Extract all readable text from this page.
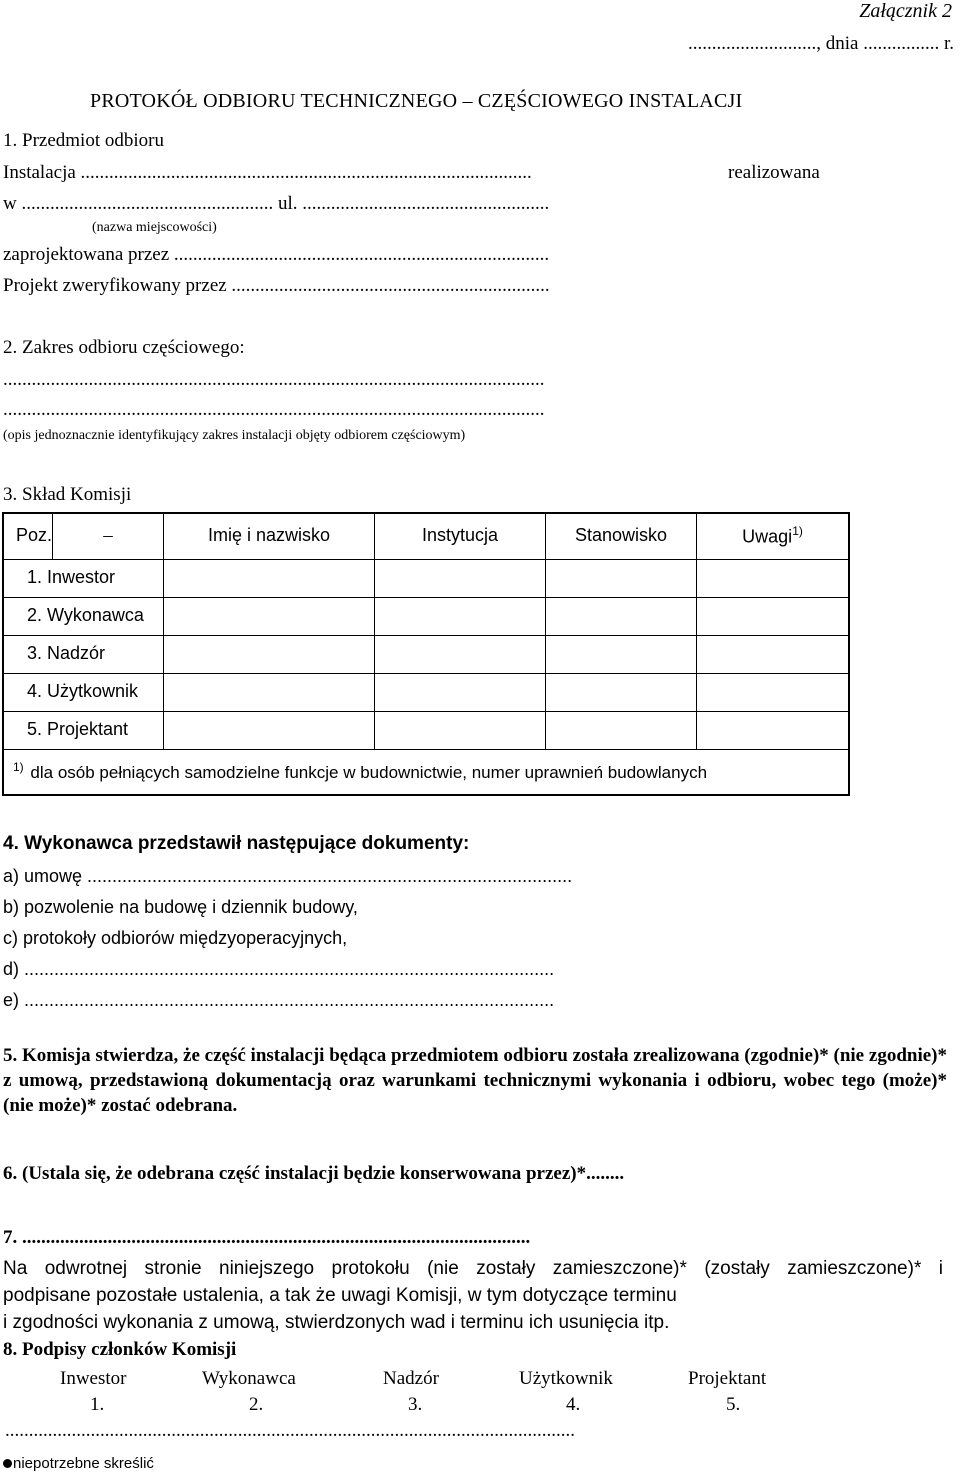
Załącznik 2
..........................., dnia ................ r.
PROTOKÓŁ ODBIORU TECHNICZNEGO – CZĘŚCIOWEGO INSTALACJI
1. Przedmiot odbioru
Instalacja ...............................................................................................	realizowana
w ..................................................... ul. ....................................................
(nazwa miejscowości)
zaprojektowana przez ...............................................................................
Projekt zweryfikowany przez ...................................................................
2. Zakres odbioru częściowego:
..................................................................................................................
..................................................................................................................
(opis jednoznacznie identyfikujący zakres instalacji objęty odbiorem częściowym)
3. Skład Komisji
Poz.	–	Imię i nazwisko	Instytucja	Stanowisko	Uwagi$^{1)}$
1. Inwestor					
2. Wykonawca					
3. Nadzór					
4. Użytkownik					
5. Projektant					
$^{1)}$ dla osób pełniących samodzielne funkcje w budownictwie, numer uprawnień budowlanych					
4. Wykonawca przedstawił następujące dokumenty:
a) umowę .................................................................................................
b) pozwolenie na budowę i dziennik budowy,
c) protokoły odbiorów międzyoperacyjnych,
d) ..........................................................................................................
e) ..........................................................................................................
5. Komisja stwierdza, że część instalacji będąca przedmiotem odbioru została zrealizowana (zgodnie)* (nie zgodnie)* z umową, przedstawioną dokumentacją oraz warunkami technicznymi wykonania i odbioru, wobec tego (może)* (nie może)* zostać odebrana.
6. (Ustala się, że odebrana część instalacji będzie konserwowana przez)*........
7. ...........................................................................................................
Na odwrotnej stronie niniejszego protokołu (nie zostały zamieszczone)* (zostały zamieszczone)* i
podpisane pozostałe ustalenia, a tak że uwagi Komisji, w tym dotyczące terminu
i zgodności wykonania z umową, stwierdzonych wad i terminu ich usunięcia itp.
8. Podpisy członków Komisji
Inwestor	Wykonawca	Nadzór	Użytkownik	Projektant
1.	2.	3.	4.	5.
........................................................................................................................
niepotrzebne skreślić
